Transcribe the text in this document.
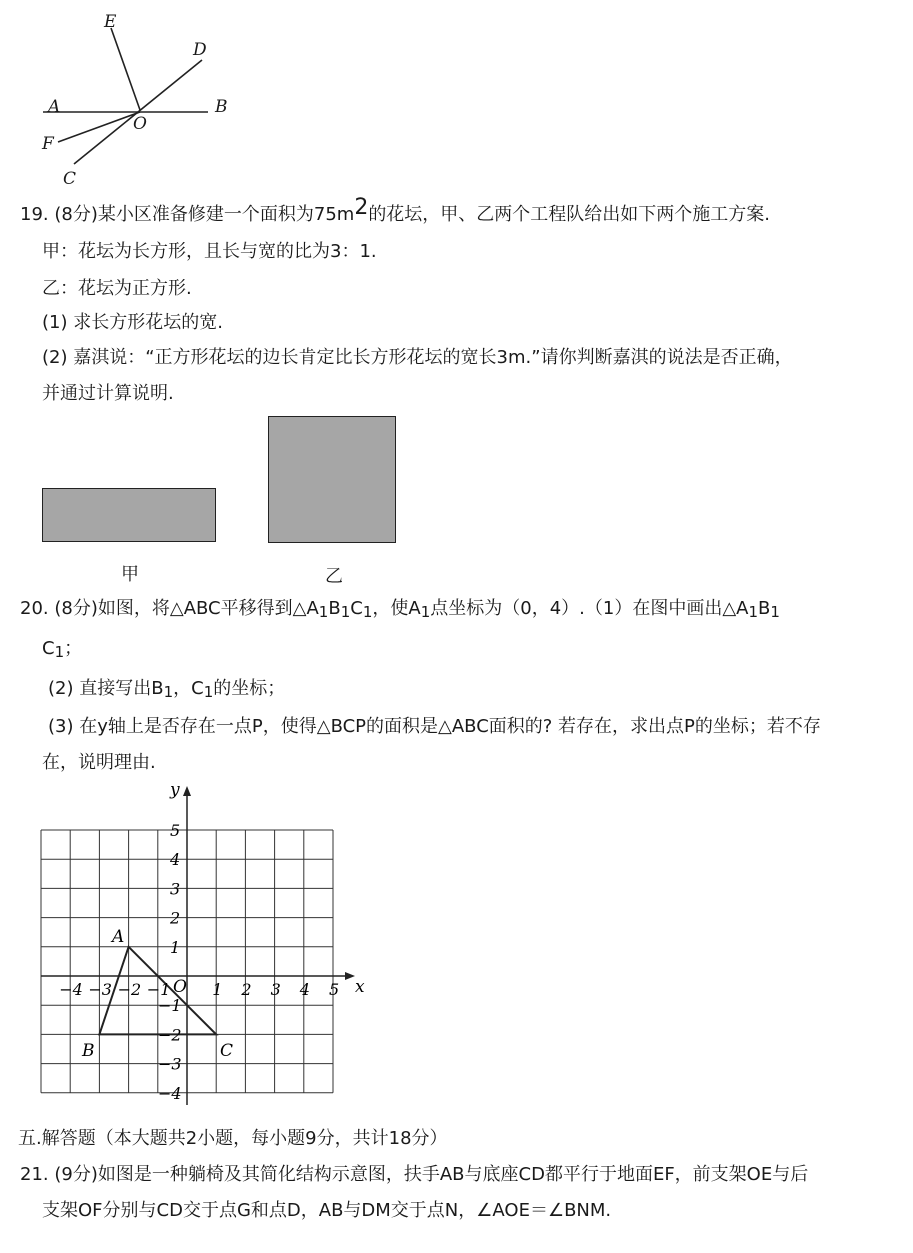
E
D
A
O
B
F
C
19. (8分)某小区准备修建一个面积为75m2的花坛，甲、乙两个工程队给出如下两个施工方案.
甲：花坛为长方形，且长与宽的比为3：1.
乙：花坛为正方形.
(1) 求长方形花坛的宽.
(2) 嘉淇说：“正方形花坛的边长肯定比长方形花坛的宽长3m.”请你判断嘉淇的说法是否正确，
并通过计算说明.
甲	乙
20. (8分)如图，将△ABC平移得到△A1B1C1，使A1点坐标为（0，4）.（1）在图中画出△A1B1
C1；
(2) 直接写出B1，C1的坐标；
(3) 在y轴上是否存在一点P，使得△BCP的面积是△ABC面积的? 若存在，求出点P的坐标；若不存
在，说明理由.
x
y
O
−4 −3 −2 −1	1 2 3 4 5
5
4
3
2
1
−1
−2
−3
−4
A
B	C
五.解答题（本大题共2小题，每小题9分，共计18分）
21. (9分)如图是一种躺椅及其简化结构示意图，扶手AB与底座CD都平行于地面EF，前支架OE与后
支架OF分别与CD交于点G和点D，AB与DM交于点N，∠AOE＝∠BNM.
